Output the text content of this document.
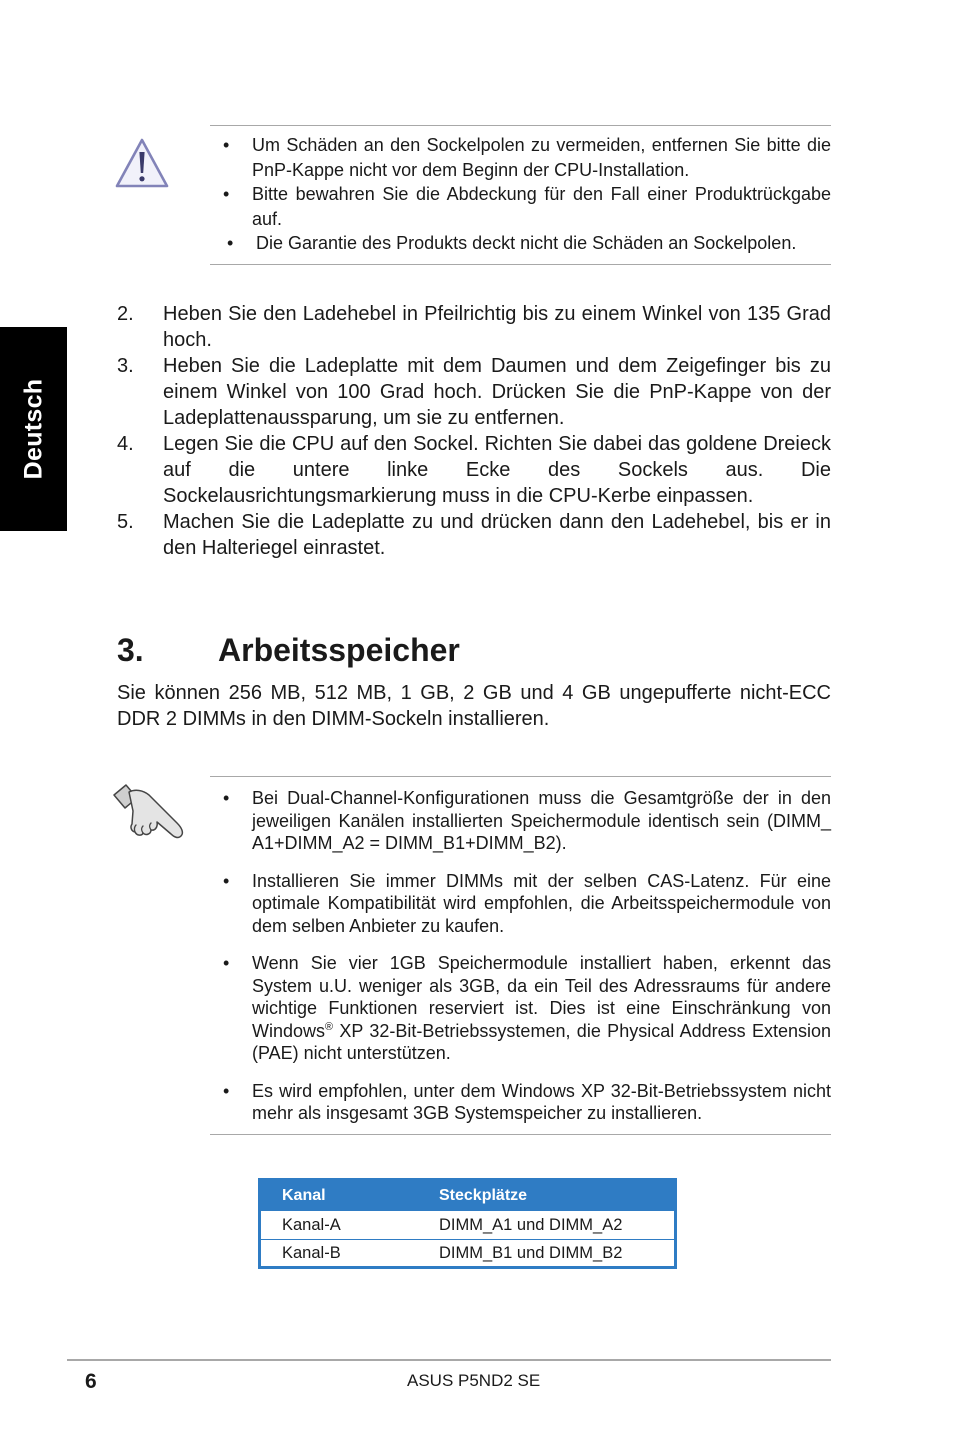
Deutsch
• Um Schäden an den Sockelpolen zu vermeiden, entfernen Sie bitte die PnP-Kappe nicht vor dem Beginn der CPU-Installation.
• Bitte bewahren Sie die Abdeckung für den Fall einer Produktrückgabe auf.
• Die Garantie des Produkts deckt nicht die Schäden an Sockelpolen.
2. Heben Sie den Ladehebel in Pfeilrichtig bis zu einem Winkel von 135 Grad hoch.
3. Heben Sie die Ladeplatte mit dem Daumen und dem Zeigefinger bis zu einem Winkel von 100 Grad hoch. Drücken Sie die PnP-Kappe von der Ladeplattenaussparung, um sie zu entfernen.
4. Legen Sie die CPU auf den Sockel. Richten Sie dabei das goldene Dreieck auf die untere linke Ecke des Sockels aus. Die Sockelausrichtungsmarkierung muss in die CPU-Kerbe einpassen.
5. Machen Sie die Ladeplatte zu und drücken dann den Ladehebel, bis er in den Halteriegel einrastet.
3. Arbeitsspeicher

Sie können 256 MB, 512 MB, 1 GB, 2 GB und 4 GB ungepufferte nicht-ECC DDR 2 DIMMs in den DIMM-Sockeln installieren.

• Bei Dual-Channel-Konfigurationen muss die Gesamtgröße der in den jeweiligen Kanälen installierten Speichermodule identisch sein (DIMM_ A1+DIMM_A2 = DIMM_B1+DIMM_B2).
• Installieren Sie immer DIMMs mit der selben CAS-Latenz. Für eine optimale Kompatibilität wird empfohlen, die Arbeitsspeichermodule von dem selben Anbieter zu kaufen.
• Wenn Sie vier 1GB Speichermodule installiert haben, erkennt das System u.U. weniger als 3GB, da ein Teil des Adressraums für andere wichtige Funktionen reserviert ist. Dies ist eine Einschränkung von Windows® XP 32-Bit-Betriebssystemen, die Physical Address Extension (PAE) nicht unterstützen.
• Es wird empfohlen, unter dem Windows XP 32-Bit-Betriebssystem nicht mehr als insgesamt 3GB Systemspeicher zu installieren.
Kanal	Steckplätze
Kanal-A	DIMM_A1 und DIMM_A2
Kanal-B	DIMM_B1 und DIMM_B2
6	ASUS P5ND2 SE
